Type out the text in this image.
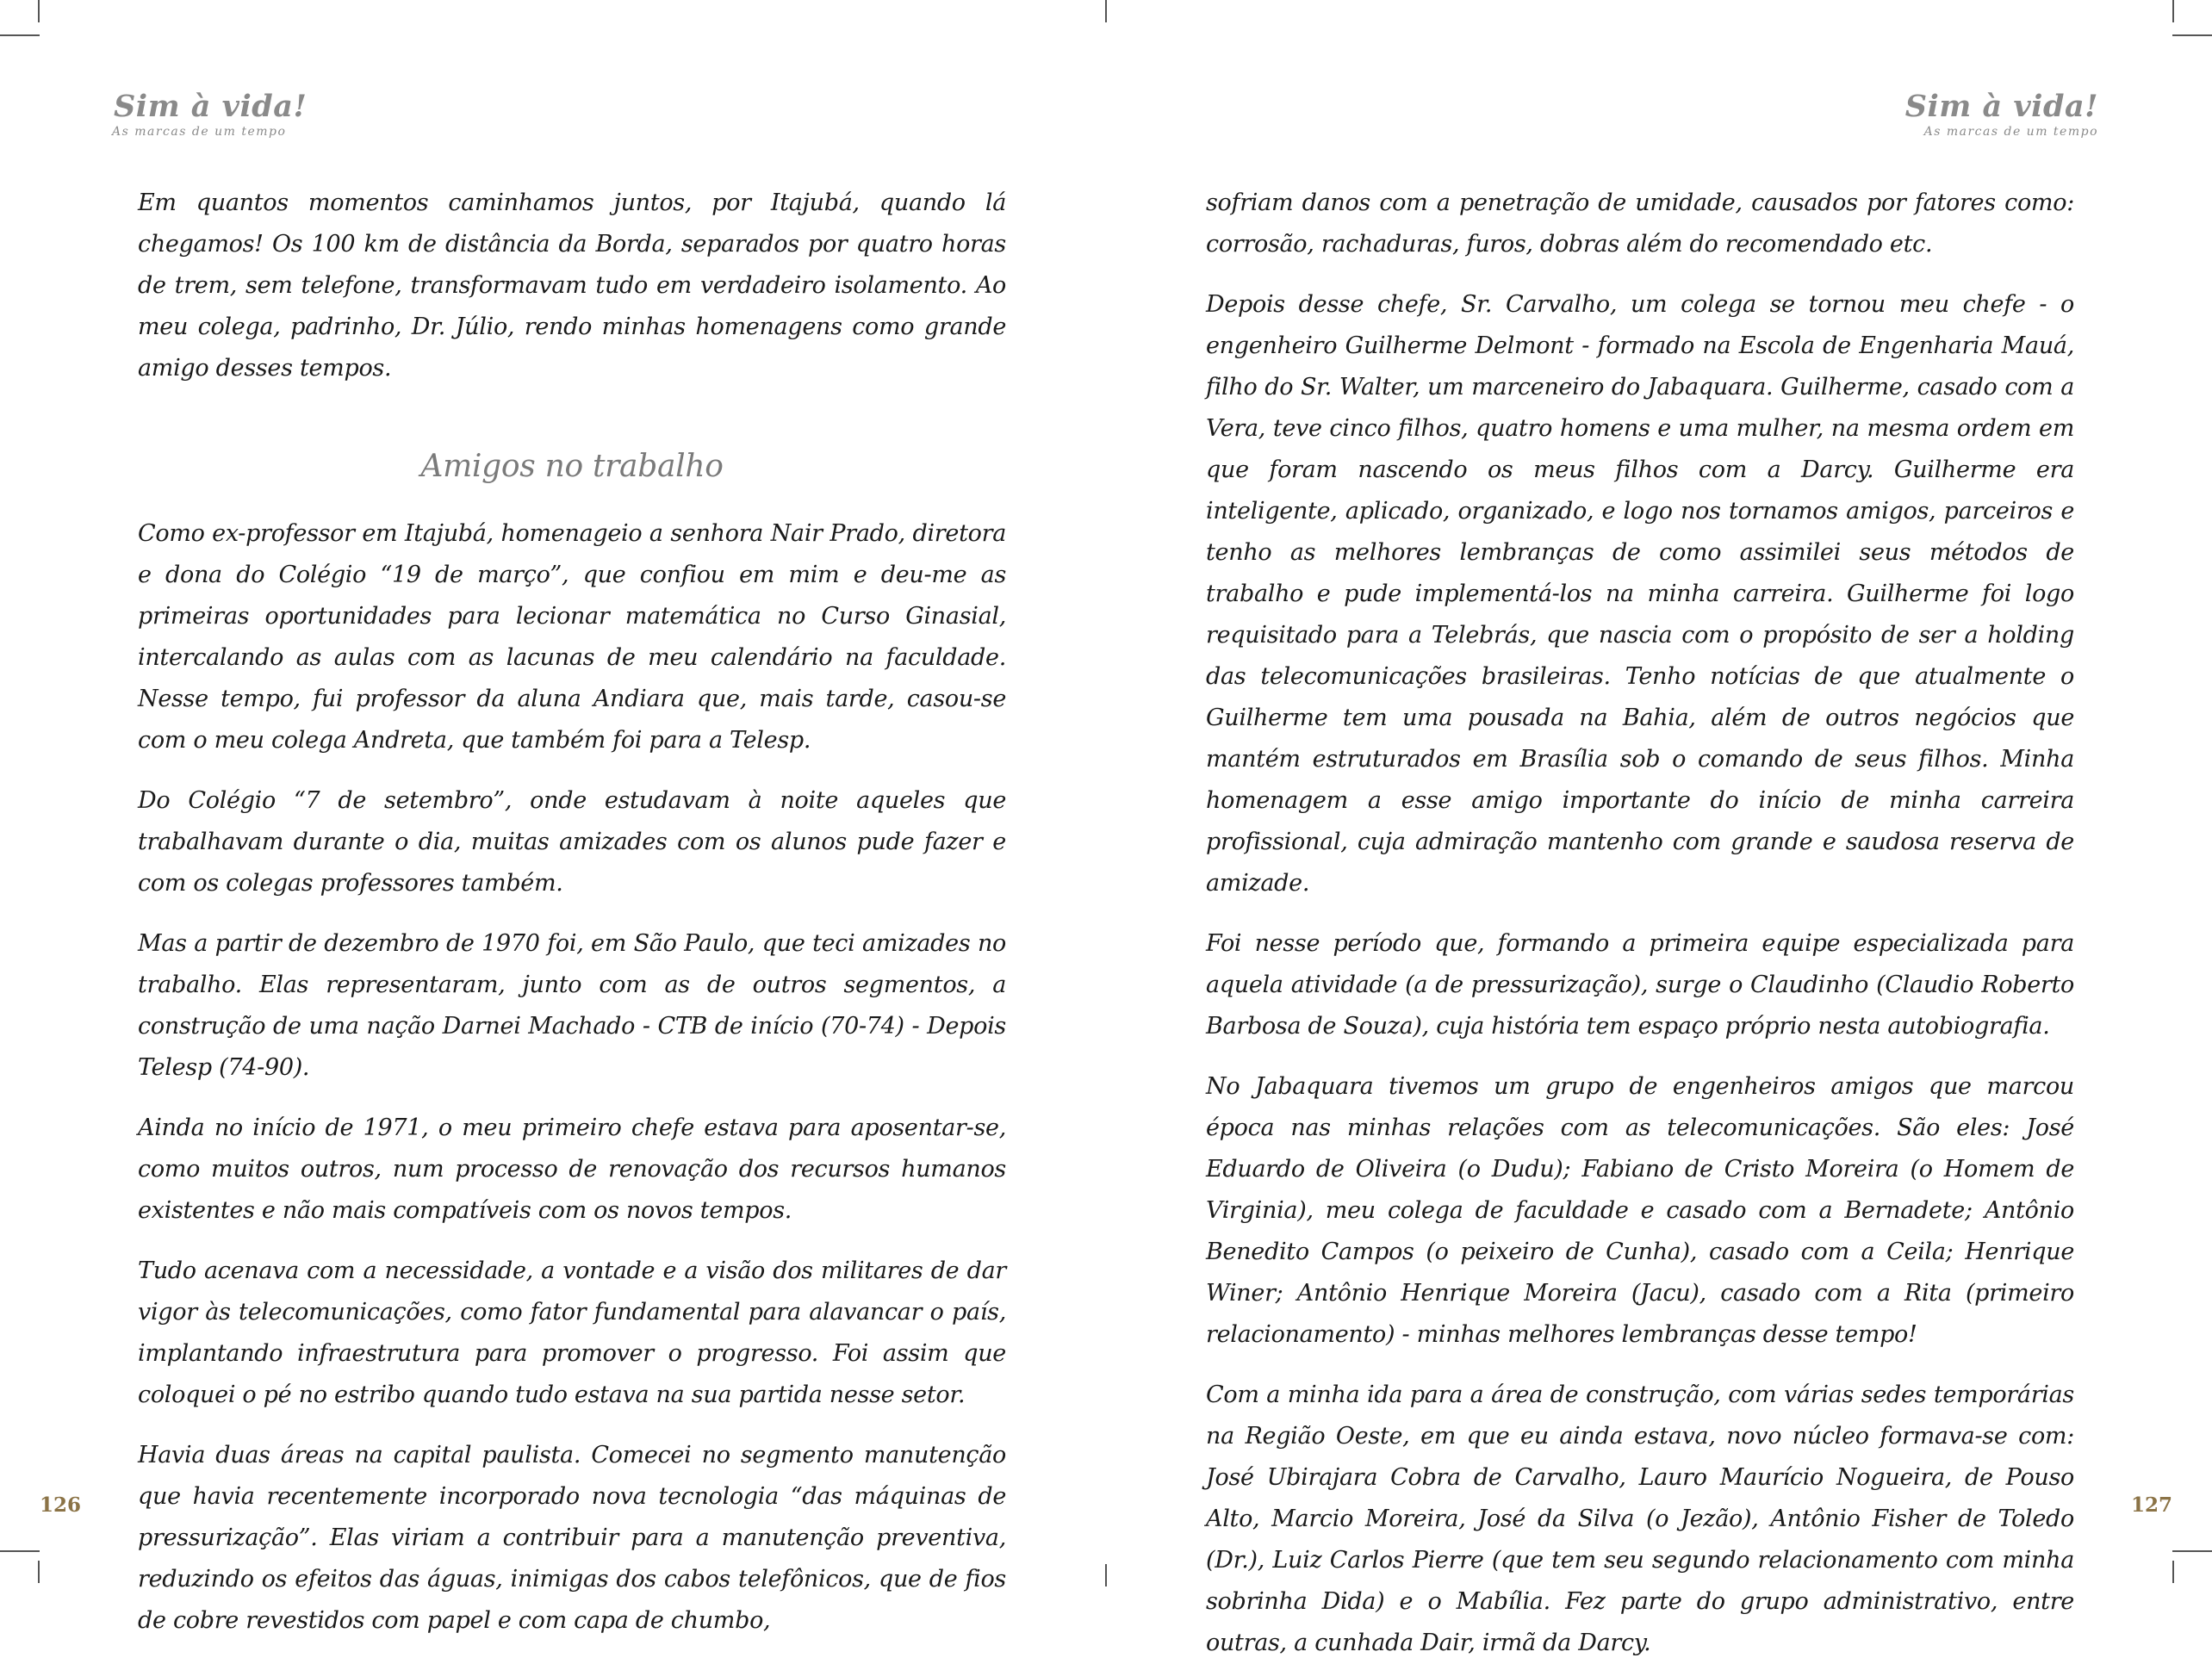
Sim à vida!
As marcas de um tempo

Em quantos momentos caminhamos juntos, por Itajubá, quando lá chegamos! Os 100 km de distância da Borda, separados por quatro horas de trem, sem telefone, transformavam tudo em verdadeiro isolamento. Ao meu colega, padrinho, Dr. Júlio, rendo minhas homenagens como grande amigo desses tempos.

Amigos no trabalho

Como ex-professor em Itajubá, homenageio a senhora Nair Prado, diretora e dona do Colégio “19 de março”, que confiou em mim e deu-me as primeiras oportunidades para lecionar matemática no Curso Ginasial, intercalando as aulas com as lacunas de meu calendário na faculdade. Nesse tempo, fui professor da aluna Andiara que, mais tarde, casou-se com o meu colega Andreta, que também foi para a Telesp.

Do Colégio “7 de setembro”, onde estudavam à noite aqueles que trabalhavam durante o dia, muitas amizades com os alunos pude fazer e com os colegas professores também.

Mas a partir de dezembro de 1970 foi, em São Paulo, que teci amizades no trabalho. Elas representaram, junto com as de outros segmentos, a construção de uma nação Darnei Machado - CTB de início (70-74) - Depois Telesp (74-90).

Ainda no início de 1971, o meu primeiro chefe estava para aposentar-se, como muitos outros, num processo de renovação dos recursos humanos existentes e não mais compatíveis com os novos tempos.

Tudo acenava com a necessidade, a vontade e a visão dos militares de dar vigor às telecomunicações, como fator fundamental para alavancar o país, implantando infraestrutura para promover o progresso. Foi assim que coloquei o pé no estribo quando tudo estava na sua partida nesse setor.

Havia duas áreas na capital paulista. Comecei no segmento manutenção que havia recentemente incorporado nova tecnologia “das máquinas de pressurização”. Elas viriam a contribuir para a manutenção preventiva, reduzindo os efeitos das águas, inimigas dos cabos telefônicos, que de fios de cobre revestidos com papel e com capa de chumbo,

126
Sim à vida!
As marcas de um tempo

sofriam danos com a penetração de umidade, causados por fatores como: corrosão, rachaduras, furos, dobras além do recomendado etc.

Depois desse chefe, Sr. Carvalho, um colega se tornou meu chefe - o engenheiro Guilherme Delmont - formado na Escola de Engenharia Mauá, filho do Sr. Walter, um marceneiro do Jabaquara. Guilherme, casado com a Vera, teve cinco filhos, quatro homens e uma mulher, na mesma ordem em que foram nascendo os meus filhos com a Darcy. Guilherme era inteligente, aplicado, organizado, e logo nos tornamos amigos, parceiros e tenho as melhores lembranças de como assimilei seus métodos de trabalho e pude implementá-los na minha carreira. Guilherme foi logo requisitado para a Telebrás, que nascia com o propósito de ser a holding das telecomunicações brasileiras. Tenho notícias de que atualmente o Guilherme tem uma pousada na Bahia, além de outros negócios que mantém estruturados em Brasília sob o comando de seus filhos. Minha homenagem a esse amigo importante do início de minha carreira profissional, cuja admiração mantenho com grande e saudosa reserva de amizade.

Foi nesse período que, formando a primeira equipe especializada para aquela atividade (a de pressurização), surge o Claudinho (Claudio Roberto Barbosa de Souza), cuja história tem espaço próprio nesta autobiografia.

No Jabaquara tivemos um grupo de engenheiros amigos que marcou época nas minhas relações com as telecomunicações. São eles: José Eduardo de Oliveira (o Dudu); Fabiano de Cristo Moreira (o Homem de Virginia), meu colega de faculdade e casado com a Bernadete; Antônio Benedito Campos (o peixeiro de Cunha), casado com a Ceila; Henrique Winer; Antônio Henrique Moreira (Jacu), casado com a Rita (primeiro relacionamento) - minhas melhores lembranças desse tempo!

Com a minha ida para a área de construção, com várias sedes temporárias na Região Oeste, em que eu ainda estava, novo núcleo formava-se com: José Ubirajara Cobra de Carvalho, Lauro Maurício Nogueira, de Pouso Alto, Marcio Moreira, José da Silva (o Jezão), Antônio Fisher de Toledo (Dr.), Luiz Carlos Pierre (que tem seu segundo relacionamento com minha sobrinha Dida) e o Mabília. Fez parte do grupo administrativo, entre outras, a cunhada Dair, irmã da Darcy.

127
